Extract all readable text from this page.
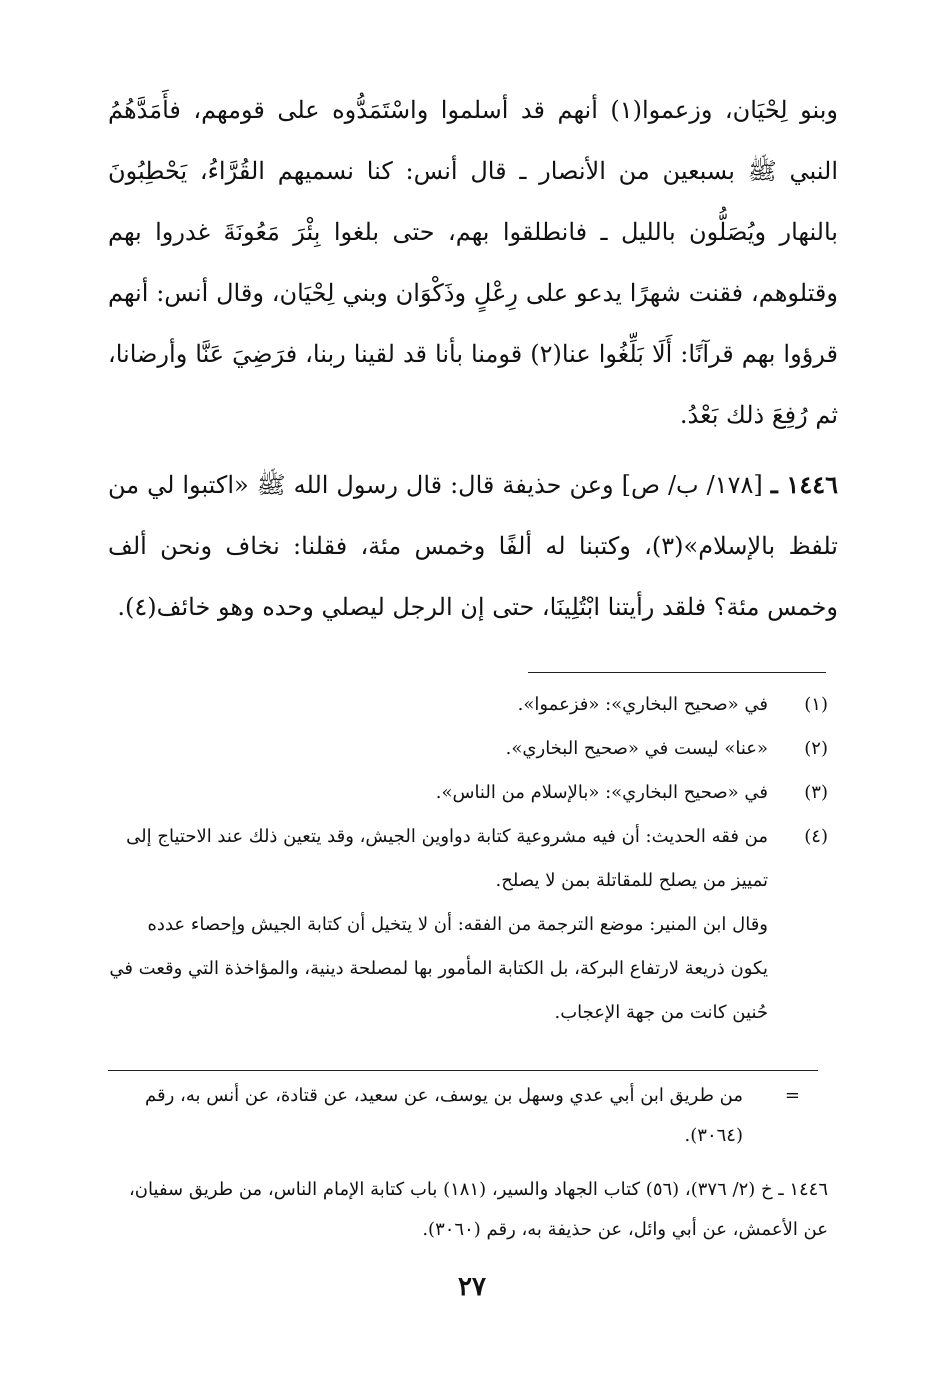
وبنو لِحْيَان، وزعموا(١) أنهم قد أسلموا واسْتَمَدُّوه على قومهم، فأَمَدَّهُمُ النبي ﷺ بسبعين من الأنصار ـ قال أنس: كنا نسميهم القُرَّاءُ، يَحْطِبُونَ بالنهار ويُصَلُّون بالليل ـ فانطلقوا بهم، حتى بلغوا بِئْرَ مَعُونَةَ غدروا بهم وقتلوهم، فقنت شهرًا يدعو على رِعْلٍ وذَكْوَان وبني لِحْيَان، وقال أنس: أنهم قرؤوا بهم قرآنًا: أَلَا بَلِّغُوا عنا(٢) قومنا بأنا قد لقينا ربنا، فرَضِيَ عَنَّا وأرضانا، ثم رُفِعَ ذلك بَعْدُ.

١٤٤٦ ـ [١٧٨/ ب/ ص] وعن حذيفة قال: قال رسول الله ﷺ «اكتبوا لي من تلفظ بالإسلام»(٣)، وكتبنا له ألفًا وخمس مئة، فقلنا: نخاف ونحن ألف وخمس مئة؟ فلقد رأيتنا ابْتُلِينَا، حتى إن الرجل ليصلي وحده وهو خائف(٤).

(١)
في «صحيح البخاري»: «فزعموا».
(٢)
«عنا» ليست في «صحيح البخاري».
(٣)
في «صحيح البخاري»: «بالإسلام من الناس».
(٤)
من فقه الحديث: أن فيه مشروعية كتابة دواوين الجيش، وقد يتعين ذلك عند الاحتياج إلى تمييز من يصلح للمقاتلة بمن لا يصلح.
وقال ابن المنير: موضع الترجمة من الفقه: أن لا يتخيل أن كتابة الجيش وإحصاء عدده يكون ذريعة لارتفاع البركة، بل الكتابة المأمور بها لمصلحة دينية، والمؤاخذة التي وقعت في حُنين كانت من جهة الإعجاب.
=
من طريق ابن أبي عدي وسهل بن يوسف، عن سعيد، عن قتادة، عن أنس به، رقم (٣٠٦٤).
١٤٤٦ ـ خ (٢/ ٣٧٦)، (٥٦) كتاب الجهاد والسير، (١٨١) باب كتابة الإمام الناس، من طريق سفيان، عن الأعمش، عن أبي وائل، عن حذيفة به، رقم (٣٠٦٠).
٢٧
